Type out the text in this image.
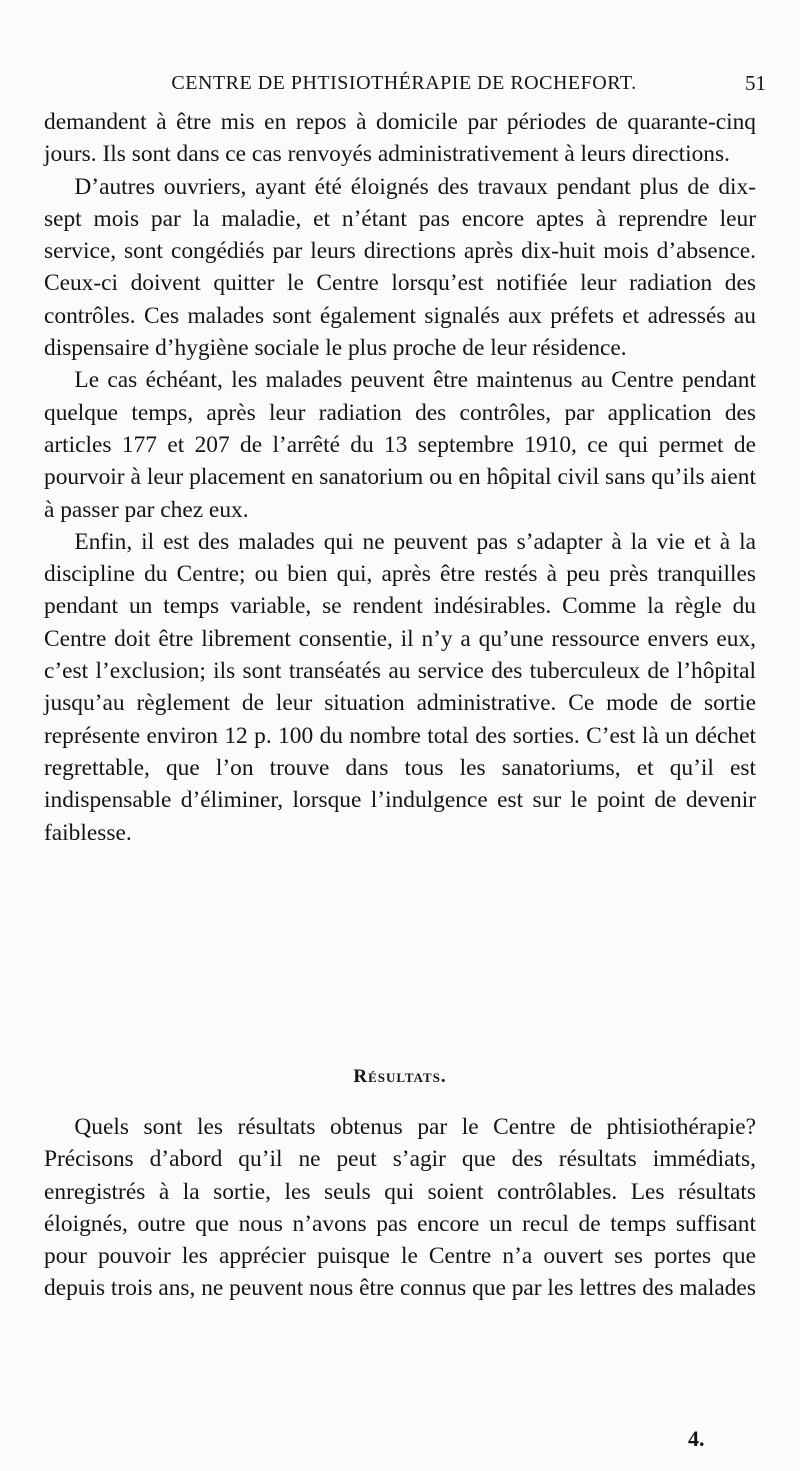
CENTRE DE PHTISIOTHÉRAPIE DE ROCHEFORT.	51

demandent à être mis en repos à domicile par périodes de quarante-cinq jours. Ils sont dans ce cas renvoyés administrativement à leurs directions.

D’autres ouvriers, ayant été éloignés des travaux pendant plus de dix-sept mois par la maladie, et n’étant pas encore aptes à reprendre leur service, sont congédiés par leurs directions après dix-huit mois d’absence. Ceux-ci doivent quitter le Centre lorsqu’est notifiée leur radiation des contrôles. Ces malades sont également signalés aux préfets et adressés au dispensaire d’hygiène sociale le plus proche de leur résidence.

Le cas échéant, les malades peuvent être maintenus au Centre pendant quelque temps, après leur radiation des contrôles, par application des articles 177 et 207 de l’arrêté du 13 septembre 1910, ce qui permet de pourvoir à leur placement en sanatorium ou en hôpital civil sans qu’ils aient à passer par chez eux.

Enfin, il est des malades qui ne peuvent pas s’adapter à la vie et à la discipline du Centre; ou bien qui, après être restés à peu près tranquilles pendant un temps variable, se rendent indésirables. Comme la règle du Centre doit être librement consentie, il n’y a qu’une ressource envers eux, c’est l’exclusion; ils sont transéatés au service des tuberculeux de l’hôpital jusqu’au règlement de leur situation administrative. Ce mode de sortie représente environ 12 p. 100 du nombre total des sorties. C’est là un déchet regrettable, que l’on trouve dans tous les sanatoriums, et qu’il est indispensable d’éliminer, lorsque l’indulgence est sur le point de devenir faiblesse.

Résultats.

Quels sont les résultats obtenus par le Centre de phtisiothérapie? Précisons d’abord qu’il ne peut s’agir que des résultats immédiats, enregistrés à la sortie, les seuls qui soient contrôlables. Les résultats éloignés, outre que nous n’avons pas encore un recul de temps suffisant pour pouvoir les apprécier puisque le Centre n’a ouvert ses portes que depuis trois ans, ne peuvent nous être connus que par les lettres des malades

4.
